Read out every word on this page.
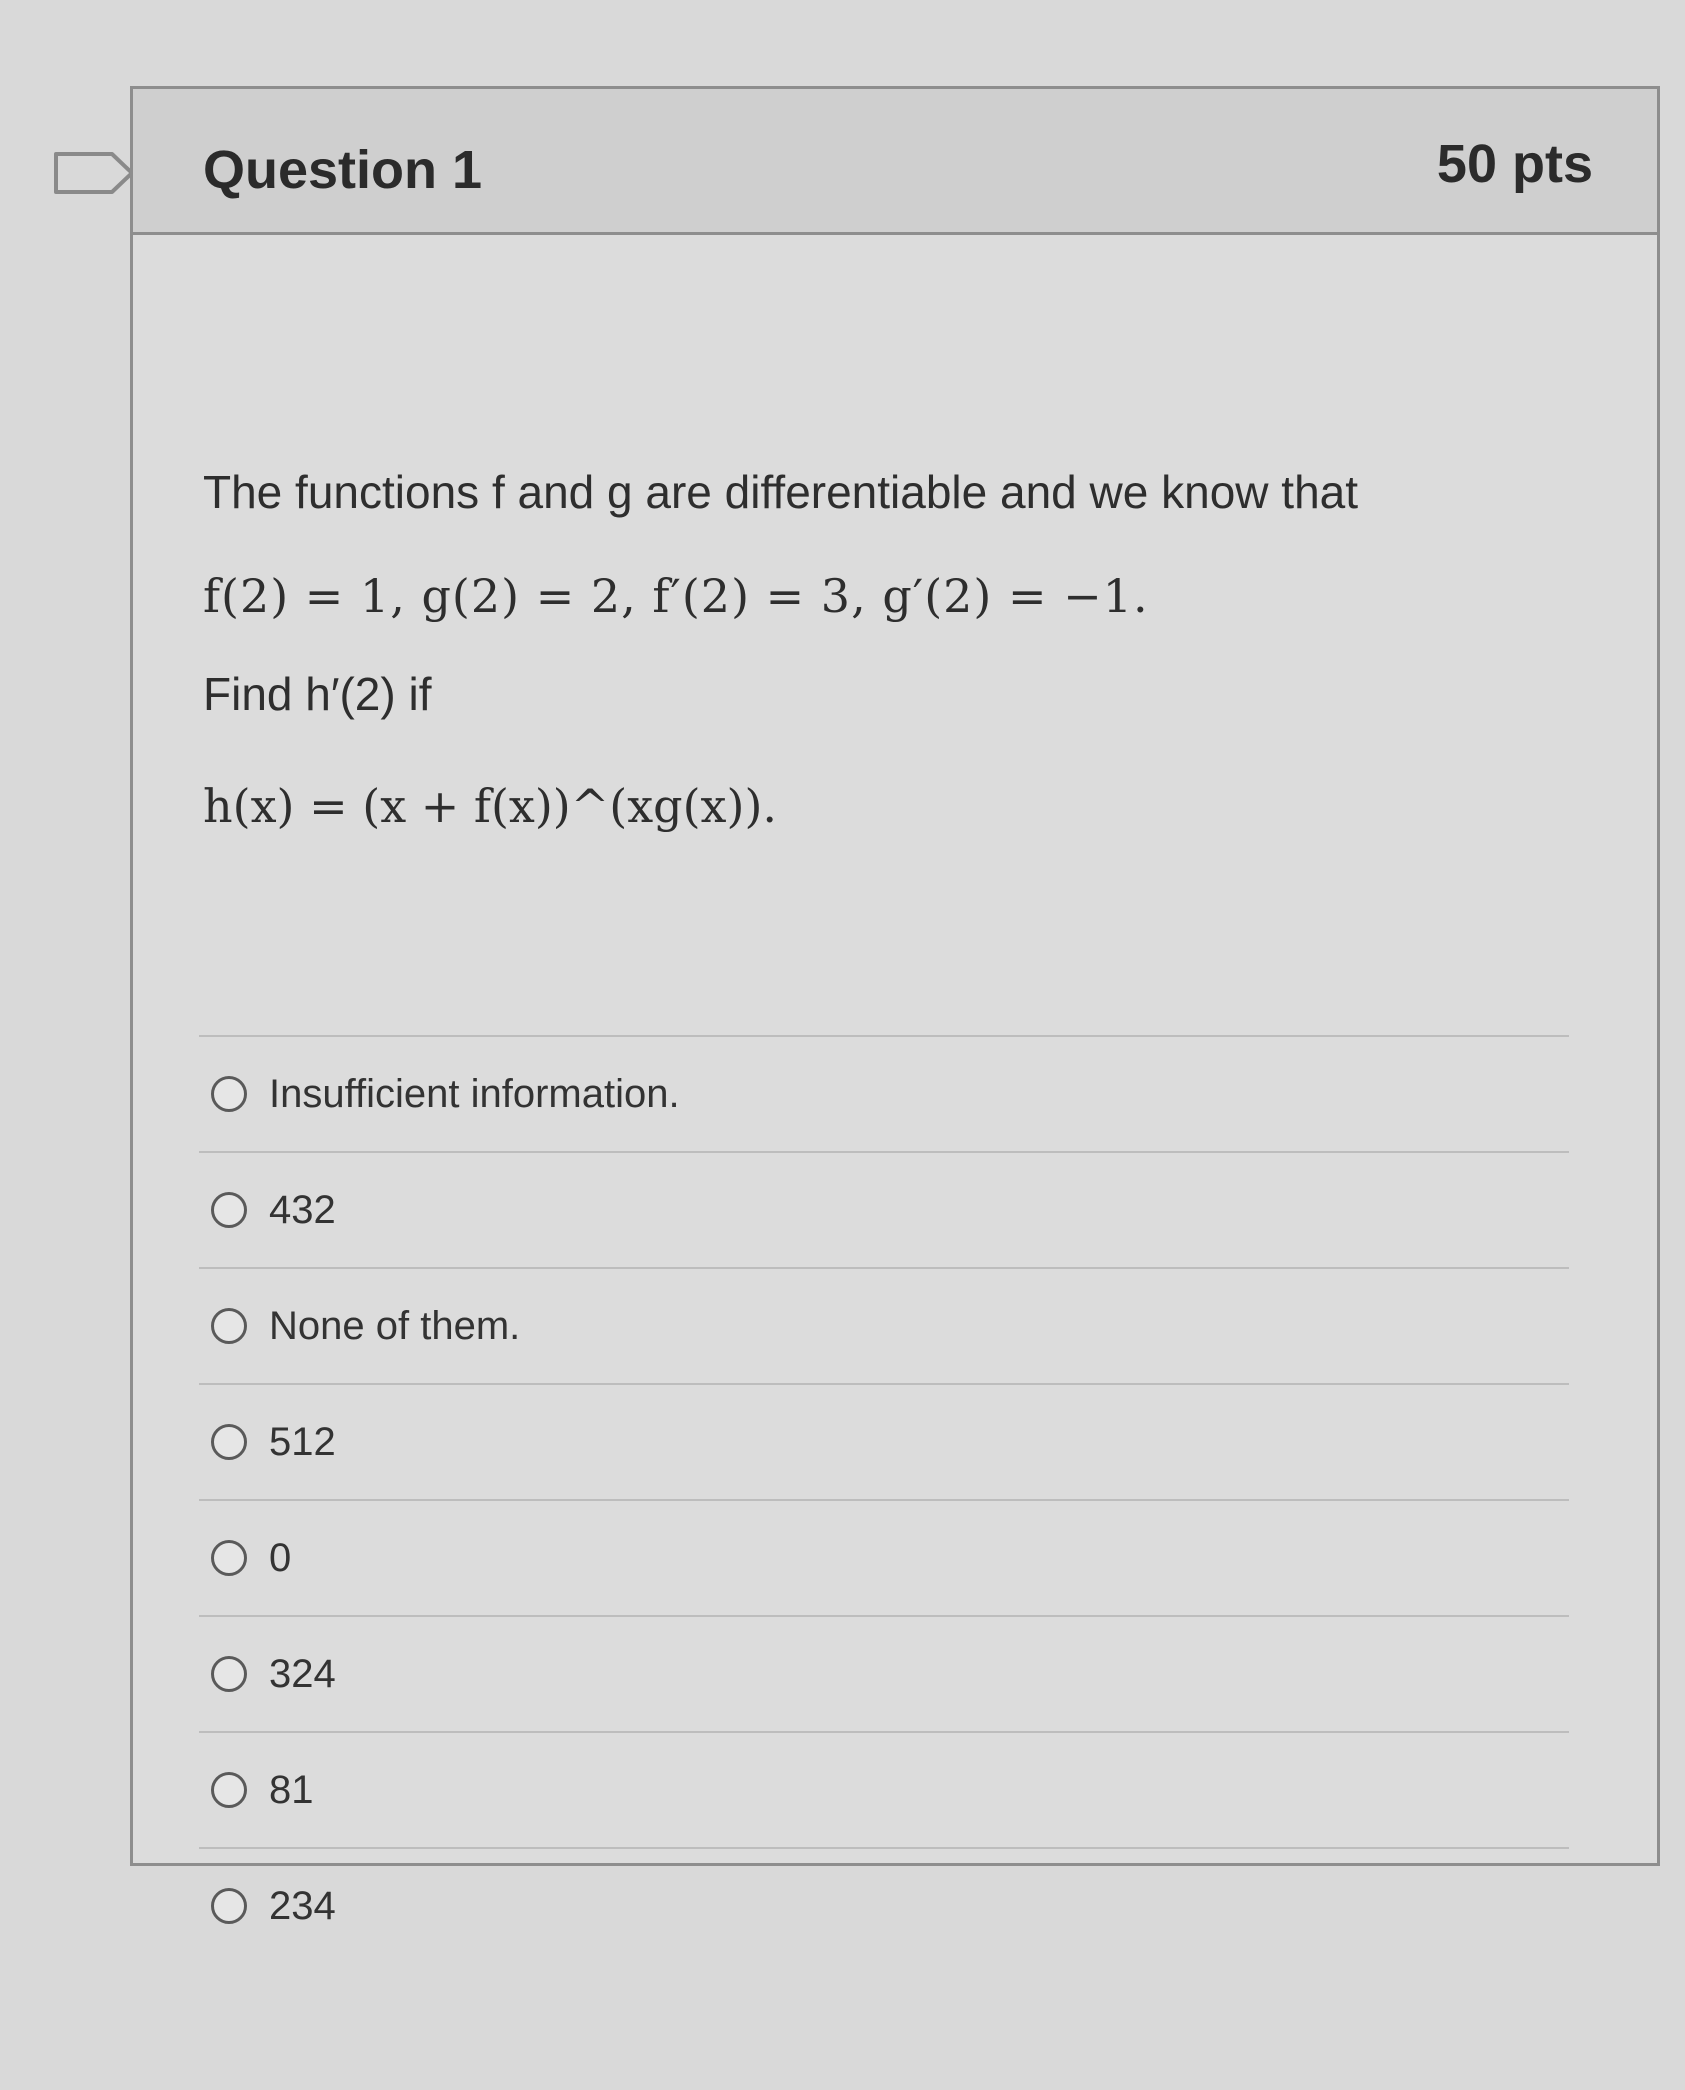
Question 1	50 pts

The functions f and g are differentiable and we know that

f(2) = 1, g(2) = 2, f′(2) = 3, g′(2) = −1.

Find h′(2) if

h(x) = (x + f(x))^(xg(x)).

Insufficient information.
432
None of them.
512
0
324
81
234
